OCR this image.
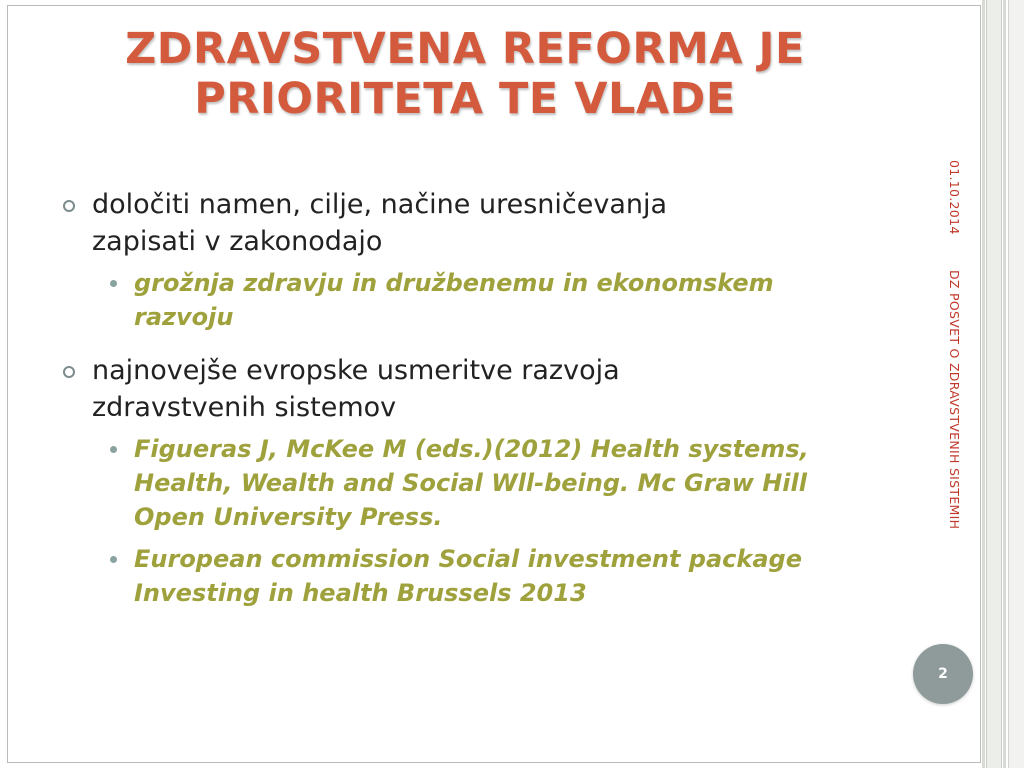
ZDRAVSTVENA REFORMA JE
PRIORITETA TE VLADE
določiti namen, cilje, načine uresničevanja
zapisati v zakonodajo
grožnja zdravju in družbenemu in ekonomskem
razvoju
najnovejše evropske usmeritve razvoja
zdravstvenih sistemov
Figueras J, McKee M (eds.)(2012) Health systems,
Health, Wealth and Social Wll-being. Mc Graw Hill
Open University Press.
European commission Social investment package
Investing in health Brussels 2013
01.10.2014
DZ POSVET O ZDRAVSTVENIH SISTEMIH
2
